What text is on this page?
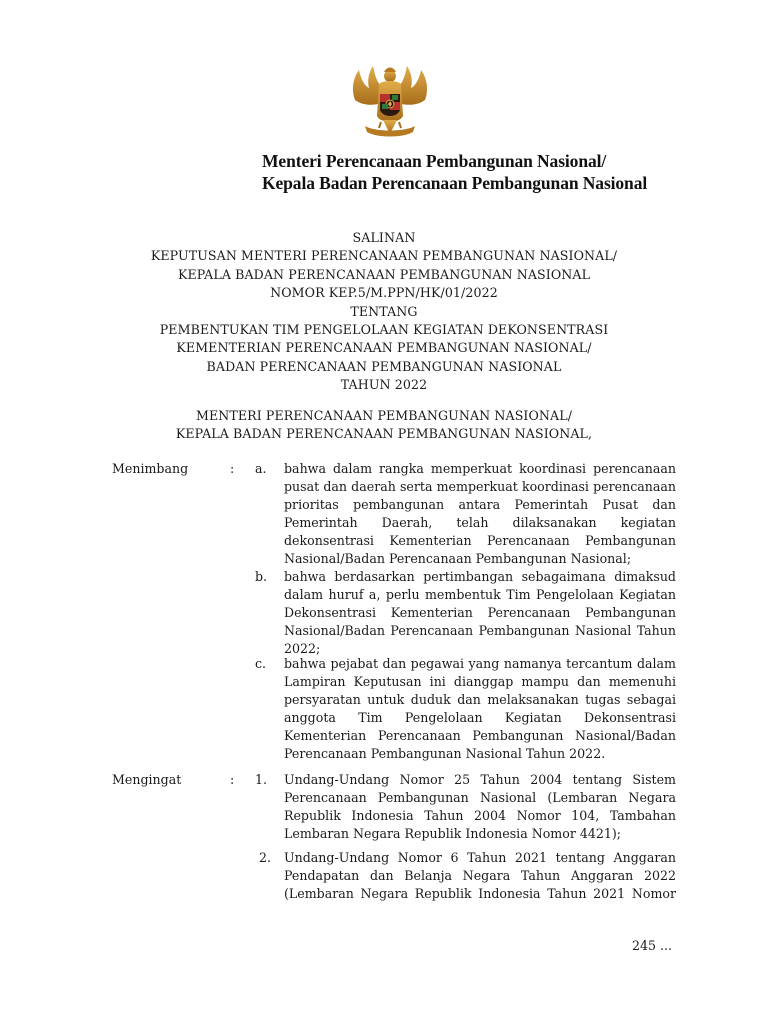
Menteri Perencanaan Pembangunan Nasional/
Kepala Badan Perencanaan Pembangunan Nasional
SALINAN
KEPUTUSAN MENTERI PERENCANAAN PEMBANGUNAN NASIONAL/
KEPALA BADAN PERENCANAAN PEMBANGUNAN NASIONAL
NOMOR KEP.5/M.PPN/HK/01/2022
TENTANG
PEMBENTUKAN TIM PENGELOLAAN KEGIATAN DEKONSENTRASI
KEMENTERIAN PERENCANAAN PEMBANGUNAN NASIONAL/
BADAN PERENCANAAN PEMBANGUNAN NASIONAL
TAHUN 2022
MENTERI PERENCANAAN PEMBANGUNAN NASIONAL/
KEPALA BADAN PERENCANAAN PEMBANGUNAN NASIONAL,
Menimbang	: a. bahwa dalam rangka memperkuat koordinasi perencanaan
pusat dan daerah serta memperkuat koordinasi perencanaan
prioritas pembangunan antara Pemerintah Pusat dan
Pemerintah Daerah, telah dilaksanakan kegiatan
dekonsentrasi Kementerian Perencanaan Pembangunan
Nasional/Badan Perencanaan Pembangunan Nasional;
b. bahwa berdasarkan pertimbangan sebagaimana dimaksud
dalam huruf a, perlu membentuk Tim Pengelolaan Kegiatan
Dekonsentrasi Kementerian Perencanaan Pembangunan
Nasional/Badan Perencanaan Pembangunan Nasional Tahun
2022;
c. bahwa pejabat dan pegawai yang namanya tercantum dalam
Lampiran Keputusan ini dianggap mampu dan memenuhi
persyaratan untuk duduk dan melaksanakan tugas sebagai
anggota Tim Pengelolaan Kegiatan Dekonsentrasi
Kementerian Perencanaan Pembangunan Nasional/Badan
Perencanaan Pembangunan Nasional Tahun 2022.
Mengingat	: 1. Undang-Undang Nomor 25 Tahun 2004 tentang Sistem
Perencanaan Pembangunan Nasional (Lembaran Negara
Republik Indonesia Tahun 2004 Nomor 104, Tambahan
Lembaran Negara Republik Indonesia Nomor 4421);
2. Undang-Undang Nomor 6 Tahun 2021 tentang Anggaran
Pendapatan dan Belanja Negara Tahun Anggaran 2022
(Lembaran Negara Republik Indonesia Tahun 2021 Nomor
245 ...
